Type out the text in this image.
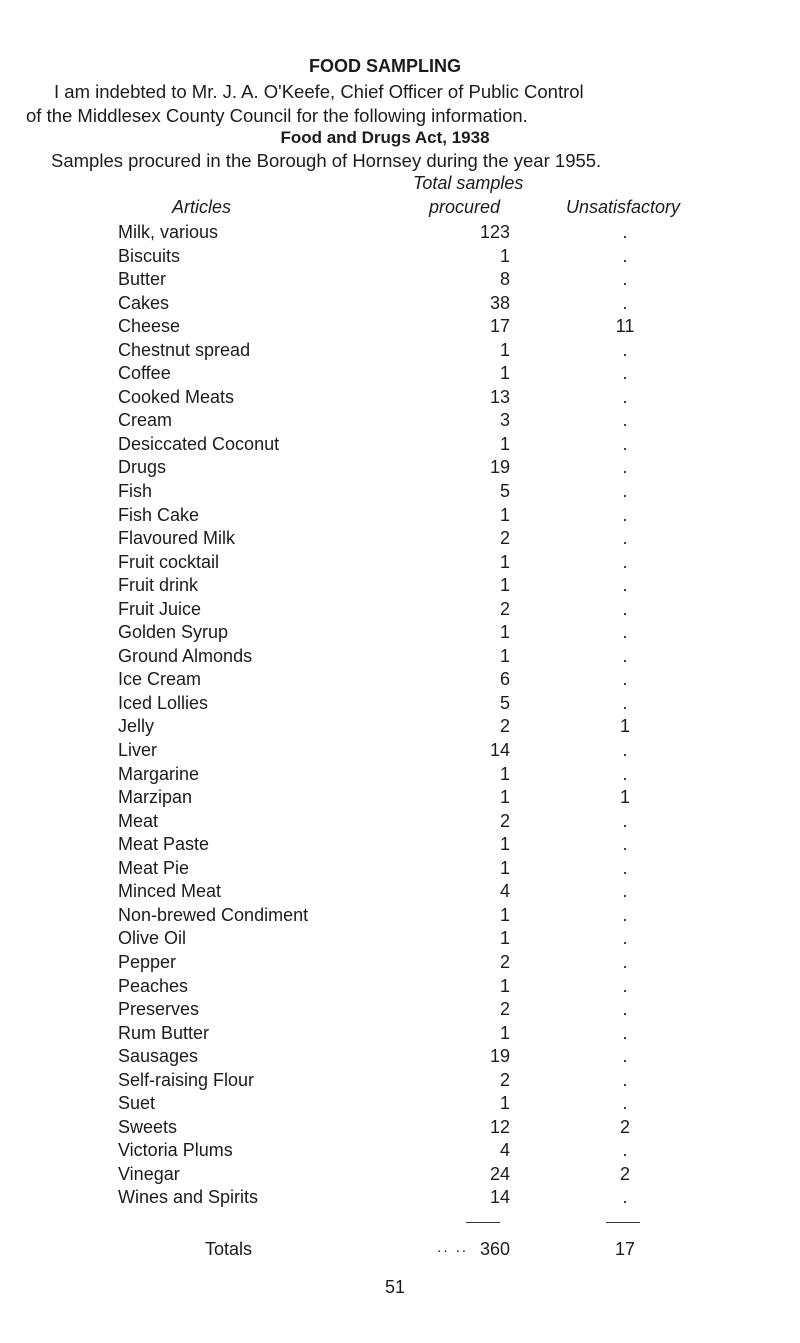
FOOD SAMPLING
I am indebted to Mr. J. A. O'Keefe, Chief Officer of Public Control
of the Middlesex County Council for the following information.
Food and Drugs Act, 1938
Samples procured in the Borough of Hornsey during the year 1955.
Total samples
Articles	procured	Unsatisfactory
Milk, various	123	.
Biscuits	1	.
Butter	8	.
Cakes	38	.
Cheese	17	11
Chestnut spread	1	.
Coffee	1	.
Cooked Meats	13	.
Cream	3	.
Desiccated Coconut	1	.
Drugs	19	.
Fish	5	.
Fish Cake	1	.
Flavoured Milk	2	.
Fruit cocktail	1	.
Fruit drink	1	.
Fruit Juice	2	.
Golden Syrup	1	.
Ground Almonds	1	.
Ice Cream	6	.
Iced Lollies	5	.
Jelly	2	1
Liver	14	.
Margarine	1	.
Marzipan	1	1
Meat	2	.
Meat Paste	1	.
Meat Pie	1	.
Minced Meat	4	.
Non-brewed Condiment	1	.
Olive Oil	1	.
Pepper	2	.
Peaches	1	.
Preserves	2	.
Rum Butter	1	.
Sausages	19	.
Self-raising Flour	2	.
Suet	1	.
Sweets	12	2
Victoria Plums	4	.
Vinegar	24	2
Wines and Spirits	14	.
Totals	.. .. 360	17
51
